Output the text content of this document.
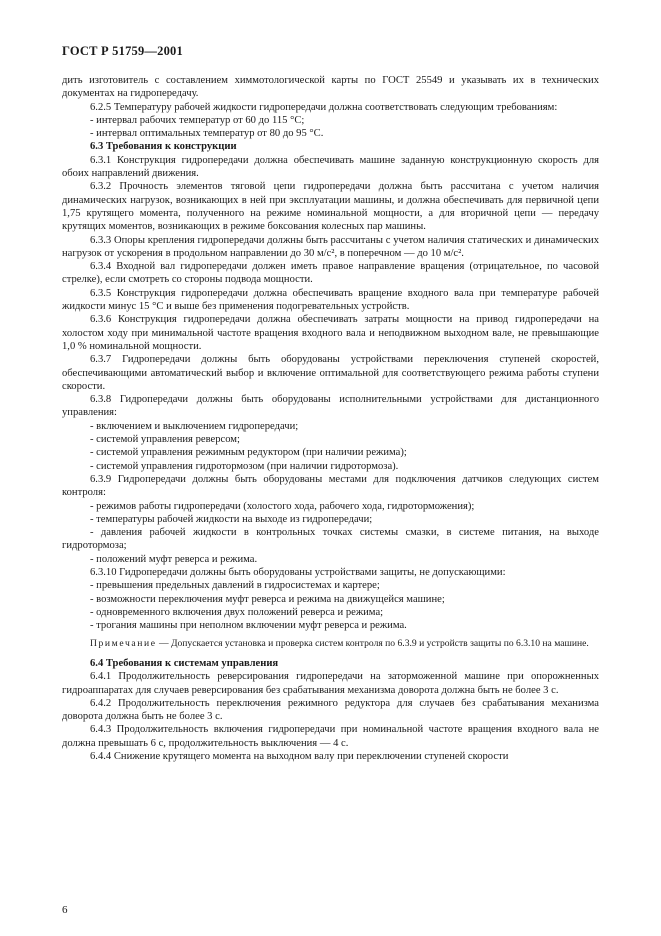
ГОСТ Р 51759—2001

дить изготовитель с составлением химмотологической карты по ГОСТ 25549 и указывать их в технических документах на гидропередачу.

6.2.5 Температуру рабочей жидкости гидропередачи должна соответствовать следующим требованиям:

- интервал рабочих температур от 60 до 115 °С;

- интервал оптимальных температур от 80 до 95 °С.

6.3 Требования к конструкции

6.3.1 Конструкция гидропередачи должна обеспечивать машине заданную конструкционную скорость для обоих направлений движения.

6.3.2 Прочность элементов тяговой цепи гидропередачи должна быть рассчитана с учетом наличия динамических нагрузок, возникающих в ней при эксплуатации машины, и должна обеспечивать для первичной цепи 1,75 крутящего момента, полученного на режиме номинальной мощности, а для вторичной цепи — передачу крутящих моментов, возникающих в режиме боксования колесных пар машины.

6.3.3 Опоры крепления гидропередачи должны быть рассчитаны с учетом наличия статических и динамических нагрузок от ускорения в продольном направлении до 30 м/с², в поперечном — до 10 м/с².

6.3.4 Входной вал гидропередачи должен иметь правое направление вращения (отрицательное, по часовой стрелке), если смотреть со стороны подвода мощности.

6.3.5 Конструкция гидропередачи должна обеспечивать вращение входного вала при температуре рабочей жидкости минус 15 °С и выше без применения подогревательных устройств.

6.3.6 Конструкция гидропередачи должна обеспечивать затраты мощности на привод гидропередачи на холостом ходу при минимальной частоте вращения входного вала и неподвижном выходном вале, не превышающие 1,0 % номинальной мощности.

6.3.7 Гидропередачи должны быть оборудованы устройствами переключения ступеней скоростей, обеспечивающими автоматический выбор и включение оптимальной для соответствующего режима работы ступени скорости.

6.3.8 Гидропередачи должны быть оборудованы исполнительными устройствами для дистанционного управления:

- включением и выключением гидропередачи;

- системой управления реверсом;

- системой управления режимным редуктором (при наличии режима);

- системой управления гидротормозом (при наличии гидротормоза).

6.3.9 Гидропередачи должны быть оборудованы местами для подключения датчиков следующих систем контроля:

- режимов работы гидропередачи (холостого хода, рабочего хода, гидроторможения);

- температуры рабочей жидкости на выходе из гидропередачи;

- давления рабочей жидкости в контрольных точках системы смазки, в системе питания, на выходе гидротормоза;

- положений муфт реверса и режима.

6.3.10 Гидропередачи должны быть оборудованы устройствами защиты, не допускающими:

- превышения предельных давлений в гидросистемах и картере;

- возможности переключения муфт реверса и режима на движущейся машине;

- одновременного включения двух положений реверса и режима;

- трогания машины при неполном включении муфт реверса и режима.

Примечание — Допускается установка и проверка систем контроля по 6.3.9 и устройств защиты по 6.3.10 на машине.

6.4 Требования к системам управления

6.4.1 Продолжительность реверсирования гидропередачи на заторможенной машине при опорожненных гидроаппаратах для случаев реверсирования без срабатывания механизма доворота должна быть не более 3 с.

6.4.2 Продолжительность переключения режимного редуктора для случаев без срабатывания механизма доворота должна быть не более 3 с.

6.4.3 Продолжительность включения гидропередачи при номинальной частоте вращения входного вала не должна превышать 6 с, продолжительность выключения — 4 с.

6.4.4 Снижение крутящего момента на выходном валу при переключении ступеней скорости

6
